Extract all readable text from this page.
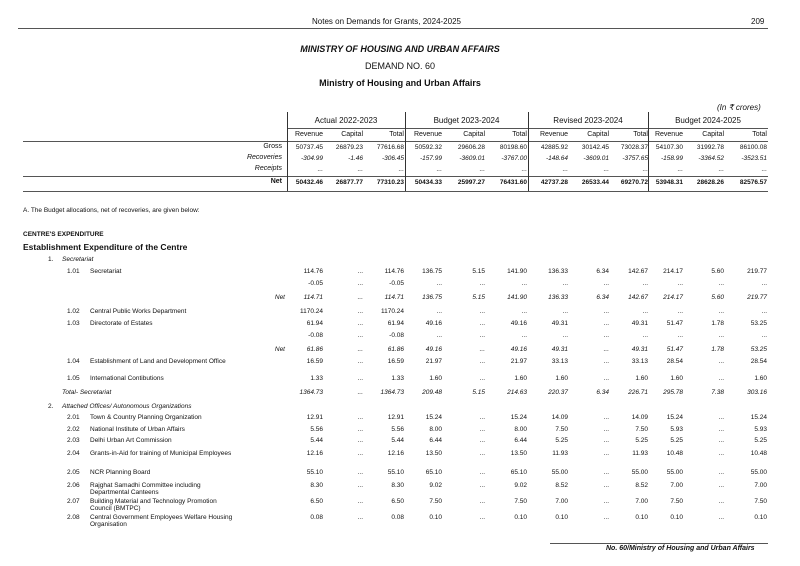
Notes on Demands for Grants, 2024-2025	209
MINISTRY OF HOUSING AND URBAN AFFAIRS
DEMAND NO. 60
Ministry of Housing and Urban Affairs
(In ₹ crores)
Actual 2022-2023	Budget 2023-2024	Revised 2023-2024	Budget 2024-2025
Revenue	Capital	Total	Revenue	Capital	Total	Revenue	Capital	Total Revenue	Capital	Total
Gross	50737.45	26879.23	77616.68	50592.32	29606.28	80198.60	42885.92	30142.45	73028.37	54107.30	31992.78	86100.08
Recoveries	-304.99	-1.46	-306.45	-157.99	-3609.01	-3767.00	-148.64	-3609.01	-3757.65	-158.99	-3364.52	-3523.51
Receipts	...	...	...	...	...	...	...	...	...	...	...	...
Net	50432.46	26877.77	77310.23	50434.33	25997.27	76431.60	42737.28	26533.44	69270.72	53948.31	28628.26	82576.57
A. The Budget allocations, net of recoveries, are given below:
CENTRE'S EXPENDITURE
Establishment Expenditure of the Centre
1. Secretariat
1.01 Secretariat	114.76	...	114.76	136.75	5.15	141.90	136.33	6.34	142.67	214.17	5.60	219.77
-0.05	...	-0.05	...	...	...	...	...	...	...	...	...
Net	114.71	...	114.71	136.75	5.15	141.90	136.33	6.34	142.67	214.17	5.60	219.77
1.02 Central Public Works Department	1170.24	...	1170.24	...	...	...	...	...	...	...	...	...
1.03 Directorate of Estates	61.94	...	61.94	49.16	...	49.16	49.31	...	49.31	51.47	1.78	53.25
-0.08	...	-0.08	...	...	...	...	...	...	...	...	...
Net	61.86	...	61.86	49.16	...	49.16	49.31	...	49.31	51.47	1.78	53.25
1.04 Establishment of Land and Development Office	16.59	...	16.59	21.97	...	21.97	33.13	...	33.13	28.54	...	28.54
1.05 International Contibutions	1.33	...	1.33	1.60	...	1.60	1.60	...	1.60	1.60	...	1.60
Total- Secretariat	1364.73	...	1364.73	209.48	5.15	214.63	220.37	6.34	226.71	295.78	7.38	303.16
2. Attached Offices/ Autonomous Organizations
2.01 Town & Country Planning Organization	12.91	...	12.91	15.24	...	15.24	14.09	...	14.09	15.24	...	15.24
2.02 National Institute of Urban Affairs	5.56	...	5.56	8.00	...	8.00	7.50	...	7.50	5.93	...	5.93
2.03 Delhi Urban Art Commission	5.44	...	5.44	6.44	...	6.44	5.25	...	5.25	5.25	...	5.25
2.04 Grants-in-Aid for training of Municipal Employees	12.16	...	12.16	13.50	...	13.50	11.93	...	11.93	10.48	...	10.48
2.05 NCR Planning Board	55.10	...	55.10	65.10	...	65.10	55.00	...	55.00	55.00	...	55.00
2.06 Rajghat Samadhi Committee including Departmental Canteens
8.30	...	8.30	9.02	...	9.02	8.52	...	8.52	7.00	...	7.00
2.07 Building Material and Technology Promotion Council (BMTPC)
6.50	...	6.50	7.50	...	7.50	7.00	...	7.00	7.50	...	7.50
2.08 Central Government Employees Welfare Housing Organisation
0.08	...	0.08	0.10	...	0.10	0.10	...	0.10	0.10	...	0.10
No. 60/Ministry of Housing and Urban Affairs
